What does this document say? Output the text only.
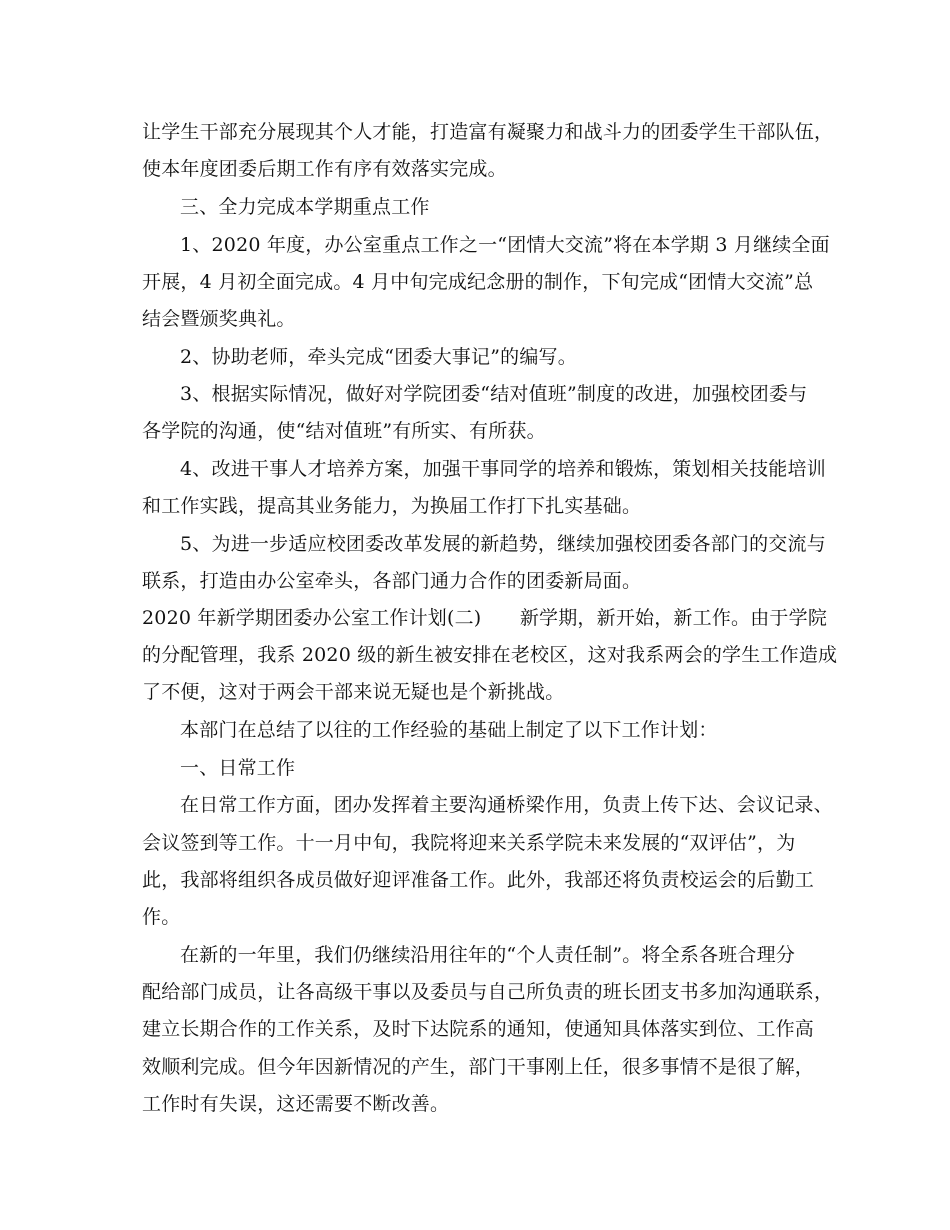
让学生干部充分展现其个人才能，打造富有凝聚力和战斗力的团委学生干部队伍，
使本年度团委后期工作有序有效落实完成。
三、全力完成本学期重点工作
1、2020 年度，办公室重点工作之一“团情大交流”将在本学期 3 月继续全面
开展，4 月初全面完成。4 月中旬完成纪念册的制作，下旬完成“团情大交流”总
结会暨颁奖典礼。
2、协助老师，牵头完成“团委大事记”的编写。
3、根据实际情况，做好对学院团委“结对值班”制度的改进，加强校团委与
各学院的沟通，使“结对值班”有所实、有所获。
4、改进干事人才培养方案，加强干事同学的培养和锻炼，策划相关技能培训
和工作实践，提高其业务能力，为换届工作打下扎实基础。
5、为进一步适应校团委改革发展的新趋势，继续加强校团委各部门的交流与
联系，打造由办公室牵头，各部门通力合作的团委新局面。
2020 年新学期团委办公室工作计划(二)　　新学期，新开始，新工作。由于学院
的分配管理，我系 2020 级的新生被安排在老校区，这对我系两会的学生工作造成
了不便，这对于两会干部来说无疑也是个新挑战。
本部门在总结了以往的工作经验的基础上制定了以下工作计划：
一、日常工作
在日常工作方面，团办发挥着主要沟通桥梁作用，负责上传下达、会议记录、
会议签到等工作。十一月中旬，我院将迎来关系学院未来发展的“双评估”，为
此，我部将组织各成员做好迎评准备工作。此外，我部还将负责校运会的后勤工
作。
在新的一年里，我们仍继续沿用往年的“个人责任制”。将全系各班合理分
配给部门成员，让各高级干事以及委员与自己所负责的班长团支书多加沟通联系，
建立长期合作的工作关系，及时下达院系的通知，使通知具体落实到位、工作高
效顺利完成。但今年因新情况的产生，部门干事刚上任，很多事情不是很了解，
工作时有失误，这还需要不断改善。
